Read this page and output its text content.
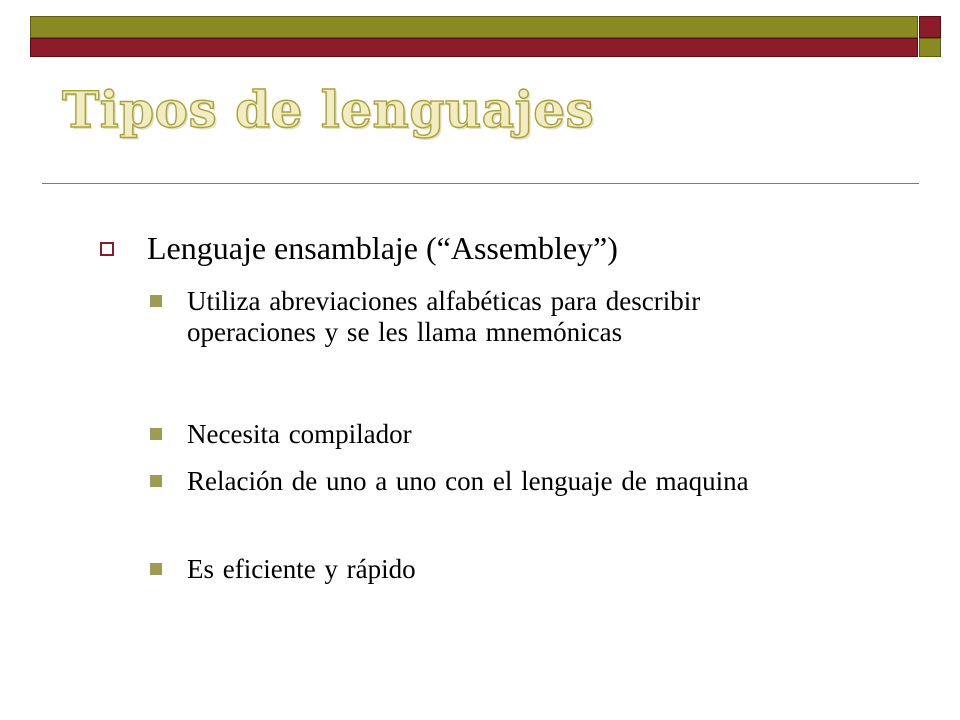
Tipos de lenguajes
Lenguaje ensamblaje (“Assembley”)
Utiliza abreviaciones alfabéticas para describir operaciones y se les llama mnemónicas
Necesita compilador
Relación de uno a uno con el lenguaje de maquina
Es eficiente y rápido
